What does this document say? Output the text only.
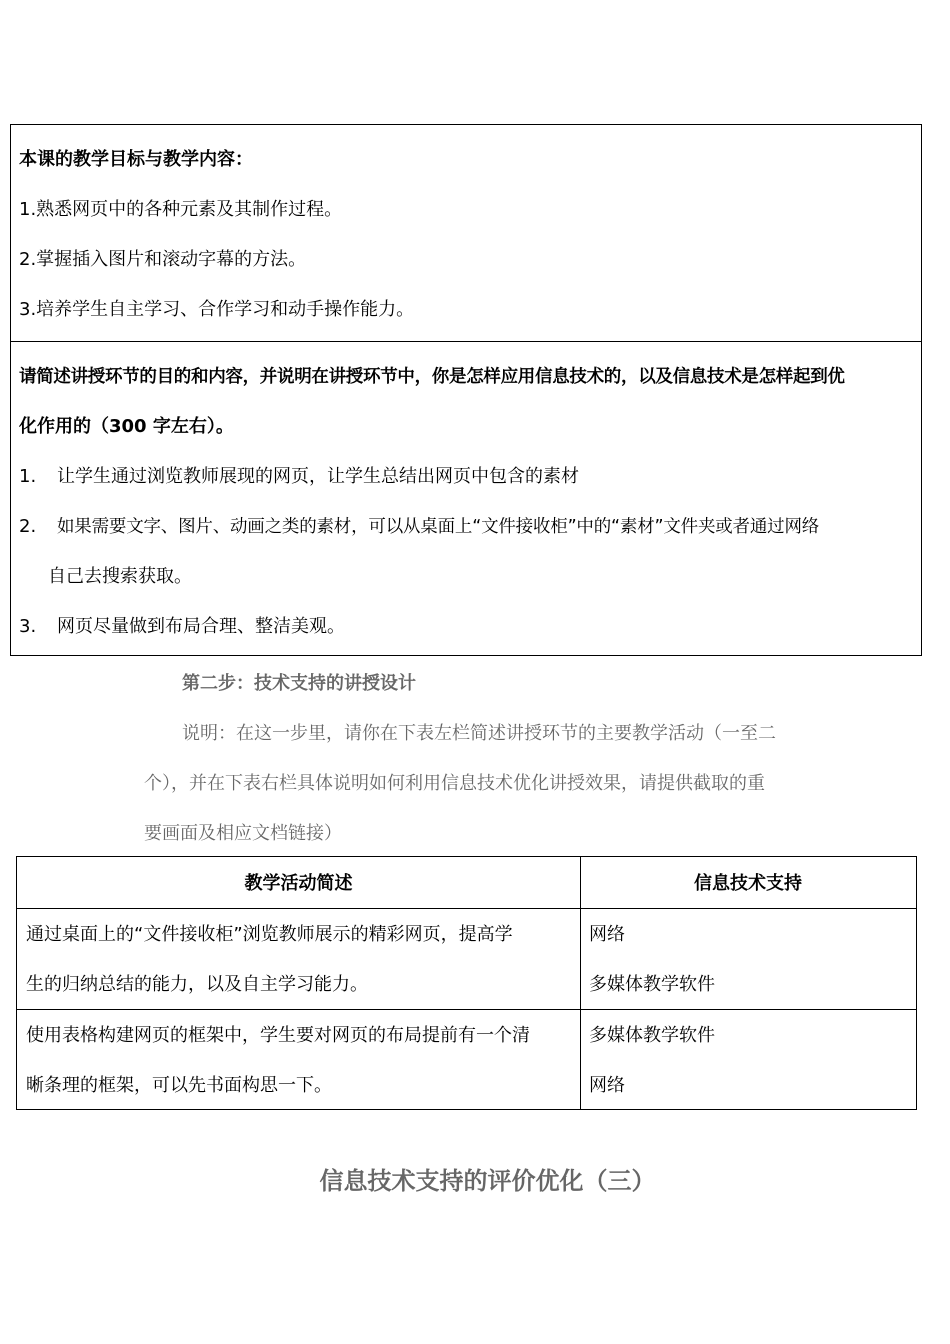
本课的教学目标与教学内容：
1.熟悉网页中的各种元素及其制作过程。
2.掌握插入图片和滚动字幕的方法。
3.培养学生自主学习、合作学习和动手操作能力。
请简述讲授环节的目的和内容，并说明在讲授环节中，你是怎样应用信息技术的，以及信息技术是怎样起到优
化作用的（300 字左右）。
1. 让学生通过浏览教师展现的网页，让学生总结出网页中包含的素材
2. 如果需要文字、图片、动画之类的素材，可以从桌面上“文件接收柜”中的“素材”文件夹或者通过网络
自己去搜索获取。
3. 网页尽量做到布局合理、整洁美观。
第二步：技术支持的讲授设计
说明：在这一步里，请你在下表左栏简述讲授环节的主要教学活动（一至二
个），并在下表右栏具体说明如何利用信息技术优化讲授效果，请提供截取的重
要画面及相应文档链接）
教学活动简述	信息技术支持
通过桌面上的“文件接收柜”浏览教师展示的精彩网页，提高学
生的归纳总结的能力，以及自主学习能力。
网络
多媒体教学软件
使用表格构建网页的框架中，学生要对网页的布局提前有一个清
晰条理的框架，可以先书面构思一下。
多媒体教学软件
网络
信息技术支持的评价优化（三）
